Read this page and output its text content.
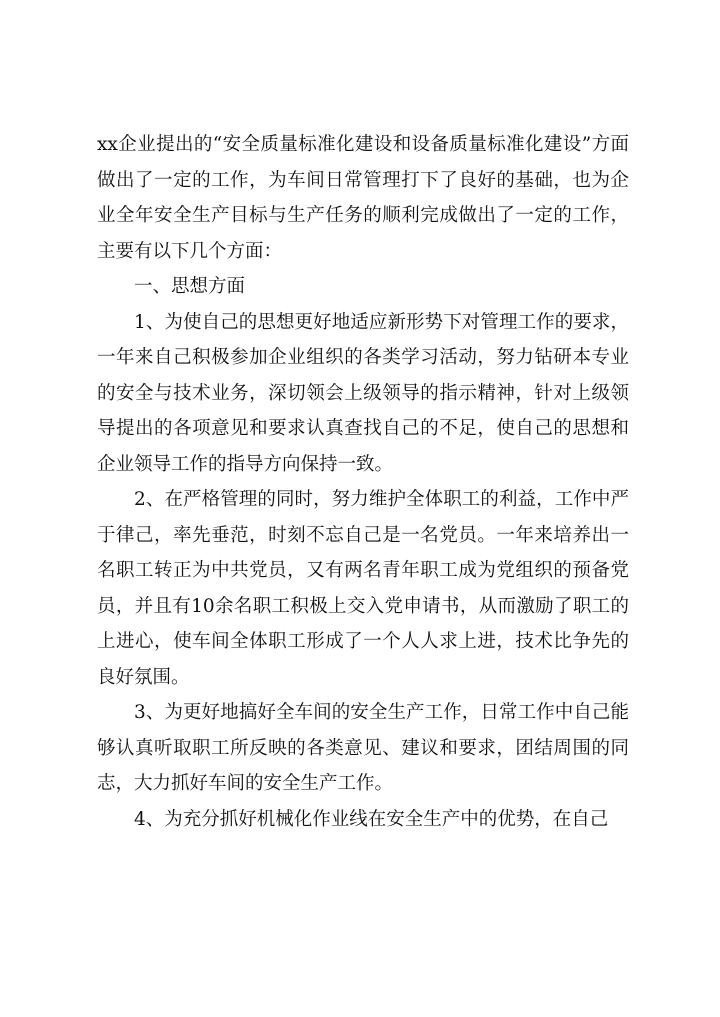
xx企业提出的“安全质量标准化建设和设备质量标准化建设”方面做出了一定的工作，为车间日常管理打下了良好的基础，也为企业全年安全生产目标与生产任务的顺利完成做出了一定的工作，主要有以下几个方面：

一、思想方面

1、为使自己的思想更好地适应新形势下对管理工作的要求，一年来自己积极参加企业组织的各类学习活动，努力钻研本专业的安全与技术业务，深切领会上级领导的指示精神，针对上级领导提出的各项意见和要求认真查找自己的不足，使自己的思想和企业领导工作的指导方向保持一致。

2、在严格管理的同时，努力维护全体职工的利益，工作中严于律己，率先垂范，时刻不忘自己是一名党员。一年来培养出一名职工转正为中共党员，又有两名青年职工成为党组织的预备党员，并且有10余名职工积极上交入党申请书，从而激励了职工的上进心，使车间全体职工形成了一个人人求上进，技术比争先的良好氛围。

3、为更好地搞好全车间的安全生产工作，日常工作中自己能够认真听取职工所反映的各类意见、建议和要求，团结周围的同志，大力抓好车间的安全生产工作。

4、为充分抓好机械化作业线在安全生产中的优势，在自己
